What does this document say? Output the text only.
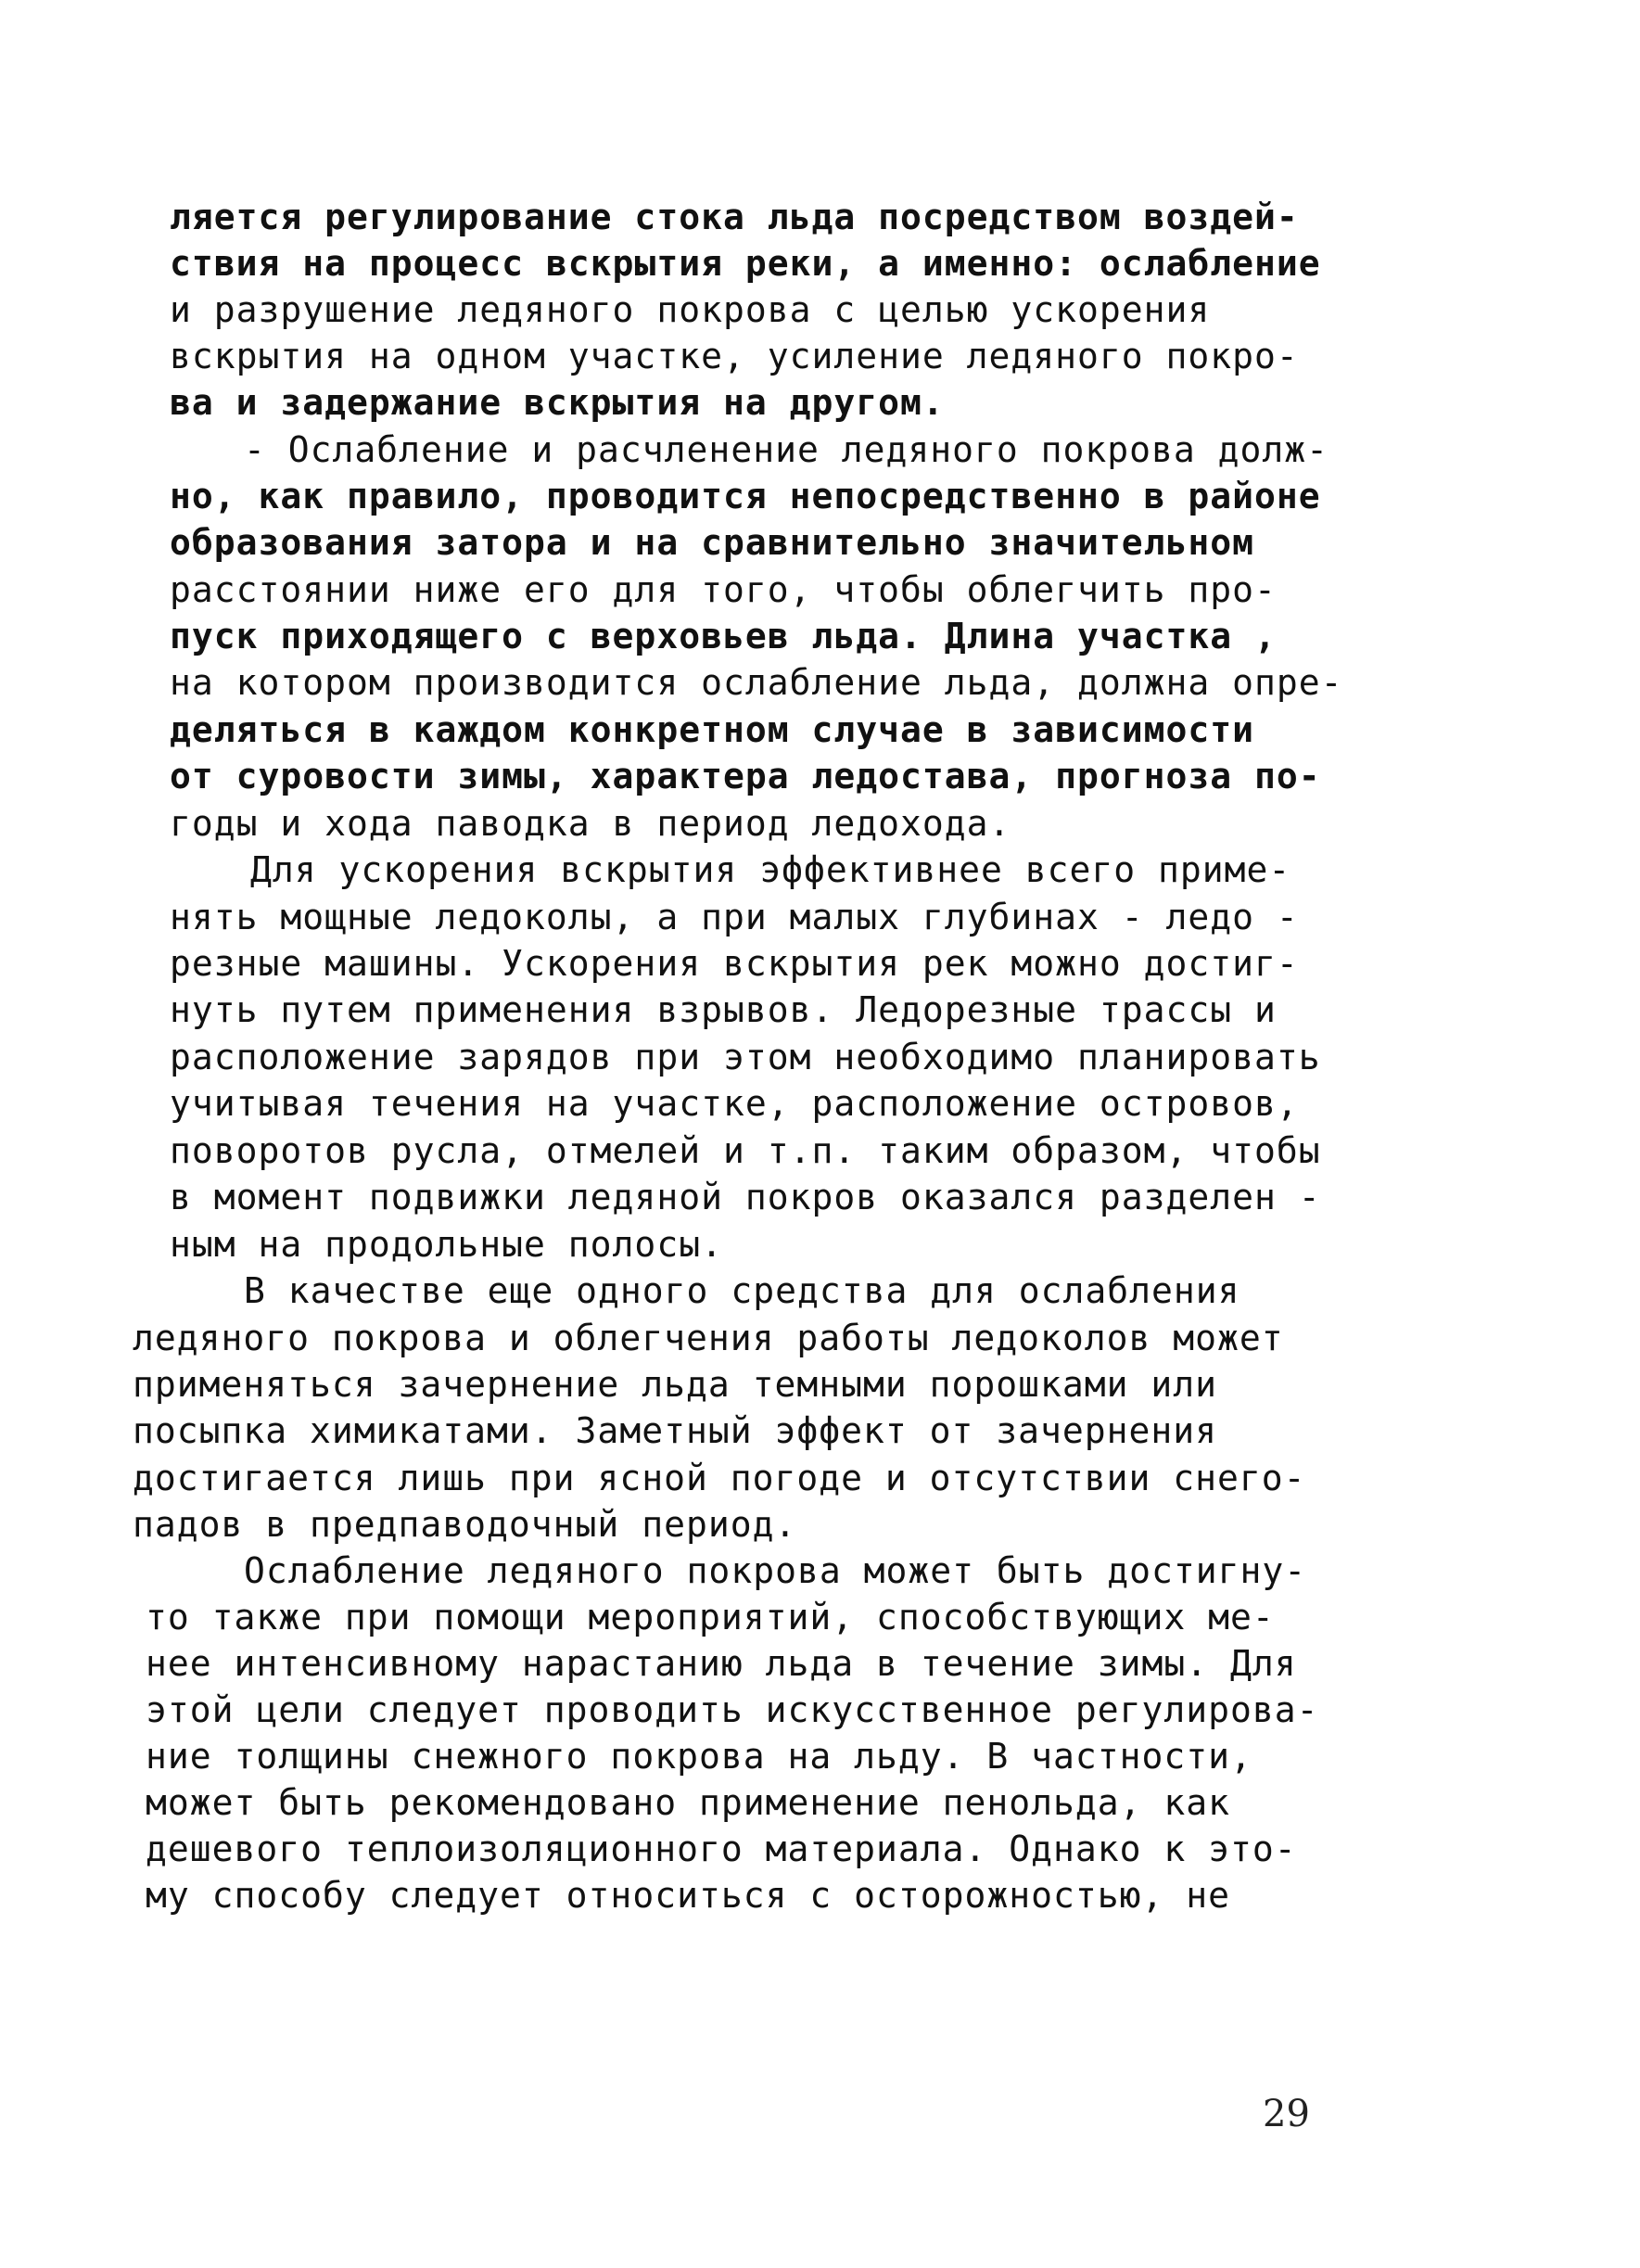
ляется регулирование стока льда посредством воздей-
ствия на процесс вскрытия реки, а именно: ослабление
и разрушение ледяного покрова с целью ускорения
вскрытия на одном участке, усиление ледяного покро-
ва и задержание вскрытия на другом.
- Ослабление и расчленение ледяного покрова долж-
но, как правило, проводится непосредственно в районе
образования затора и на сравнительно значительном
расстоянии ниже его для того, чтобы облегчить про-
пуск приходящего с верховьев льда. Длина участка ,
на котором производится ослабление льда, должна опре-
деляться в каждом конкретном случае в зависимости
от суровости зимы, характера ледостава, прогноза по-
годы и хода паводка в период ледохода.
Для ускорения вскрытия эффективнее всего приме-
нять мощные ледоколы, а при малых глубинах - ледо -
резные машины. Ускорения вскрытия рек можно достиг-
нуть путем применения взрывов. Ледорезные трассы и
расположение зарядов при этом необходимо планировать
учитывая течения на участке, расположение островов,
поворотов русла, отмелей и т.п. таким образом, чтобы
в момент подвижки ледяной покров оказался разделен -
ным на продольные полосы.
В качестве еще одного средства для ослабления
ледяного покрова и облегчения работы ледоколов может
применяться зачернение льда темными порошками или
посыпка химикатами. Заметный эффект от зачернения
достигается лишь при ясной погоде и отсутствии снего-
падов в предпаводочный период.
Ослабление ледяного покрова может быть достигну-
то также при помощи мероприятий, способствующих ме-
нее интенсивному нарастанию льда в течение зимы. Для
этой цели следует проводить искусственное регулирова-
ние толщины снежного покрова на льду. В частности,
может быть рекомендовано применение пенольда, как
дешевого теплоизоляционного материала. Однако к это-
му способу следует относиться с осторожностью, не
29
